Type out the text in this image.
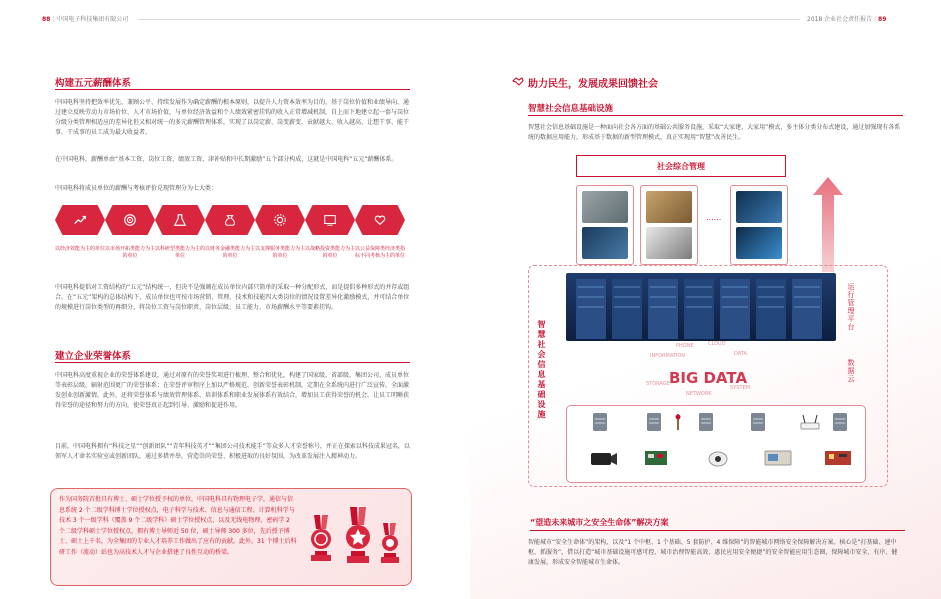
88 | 中国电子科技集团有限公司
构建五元薪酬体系
中国电科坚持把效率优先、兼顾公平、持续发展作为确定薪酬的根本原则，以提升人力资本效率为目的，基于岗位价值和业绩导向、通过建立反映劳动力市场价位、人才市场价值，与单位经济效益和个人绩效紧密挂钩的收入正常增减机制，自上而下地建立起一套与岗位分级分类管理相适应的差异化但又相对统一的多元薪酬管理体系，实现了以岗定薪、岗变薪变、贡献越大、收入越高、让想干事、能干事、干成事的员工成为最大收益者。
在中国电科，薪酬单由“基本工资、岗位工资、绩效工资、津补贴和中长期激励”五个部分构成，这就是中国电科“五元”薪酬体系。
中国电科将成员单位的薪酬与考核评价兑现管理分为七大类：
以经济效能为主的单位 以市场开拓类能力为主的单位
以科研型类能力为主的单位
以财务金融类能力为主的单位
以支撑服务类能力为主的单位
以战略投资类能力为主的单位
以公益保障类经济类指标不同考核为主的单位
中国电科提倡对工资结构的“五元”结构统一，但决不是强调在成员单位内部只简单的采取一种分配形式，而是提倡多种形式的并存或组合。在“五元”架构的总体结构下，成员单位也可按市场营销、管理、技术和技能四大类岗位的情况设置差异化激励模式，并可结合单位的规模进行岗位类型的再细分，将岗位工资与岗位职责、岗位层级、员工能力、市场薪酬水平等要素挂钩。
建立企业荣誉体系
中国电科高度重视企业的荣誉体系建设，通过对原有的荣誉奖项进行梳理、整合和优化，构建了国家级、省部级、集团公司、成员单位等表彰层级，辐射范围更广的荣誉体系；在荣誉评审程序上加以严格规范，创新荣誉表彰机制，定期在全系统内进行广泛宣传，全面激发创业创新激情。此外，还将荣誉体系与绩效管理体系、培训体系和职业发展体系有效结合，增加员工获得荣誉的机会，让员工明晰获得荣誉的途径和努力的方向，使荣誉真正起到引导、激励和促进作用。
目前，中国电科拥有“科技之星”“创新团队”“青年科技英才”“集团公司技术能手”等众多人才荣誉称号，并正在探索以科技成果冠名，以领军人才命名实验室或创新团队，通过多措并举，营造崇尚荣誉、积极进取的良好氛围，为改革发展注入精神动力。
作为国务院首批具有博士、硕士学位授予权的单位，中国电科具有物理电子学，通信与信息系统 2 个二级学科博士学位授权点，电子科学与技术、信息与通信工程、计算机科学与技术 3 个一级学科（覆盖 9 个二级学科）硕士学位授权点，以及无线电物理、密码学 2 个二级学科硕士学位授权点，拥有博士导师近 50 位，硕士导师 300 多位，先后授予博士、硕士上千名，为全集团的专业人才培养工作做出了应有的贡献。此外，31 个博士后科研工作（流动）站也为高技术人才与企业搭建了良性互动的桥梁。
2018 企业社会责任报告 | 89
助力民生，发展成果回馈社会
智慧社会信息基础设施
智慧社会信息基础设施是一种面向社会各方面的基础公共服务设施，采取“大家建、大家用”模式，多主体分类分布式建设，通过加强现有各系统的数据应用能力，形成基于数据的新型管理模式，真正实现用“智慧”改善民生。
社会综合管理
......
智慧社会信息基础设施
运行管理平台
数据云
PHONE	CLOUD
INFORMATION	DATA
STORAGE
NETWORK
SYSTEM
BIG DATA
“望造未来城市之安全生命体”解决方案
智能城市“安全生命体”的架构，以及“1 个中枢、1 个基础、5 套防护、4 维保障”的智能城市网络安全保障解决方案。核心是“打基础、建中枢、抓服务”，借以打造“城市基础设施可感可控、城市治理智能高效、惠民应用安全便捷”的安全智能应用生态圈，保障城市安全、有序、健康发展，形成安全智能城市生命体。
